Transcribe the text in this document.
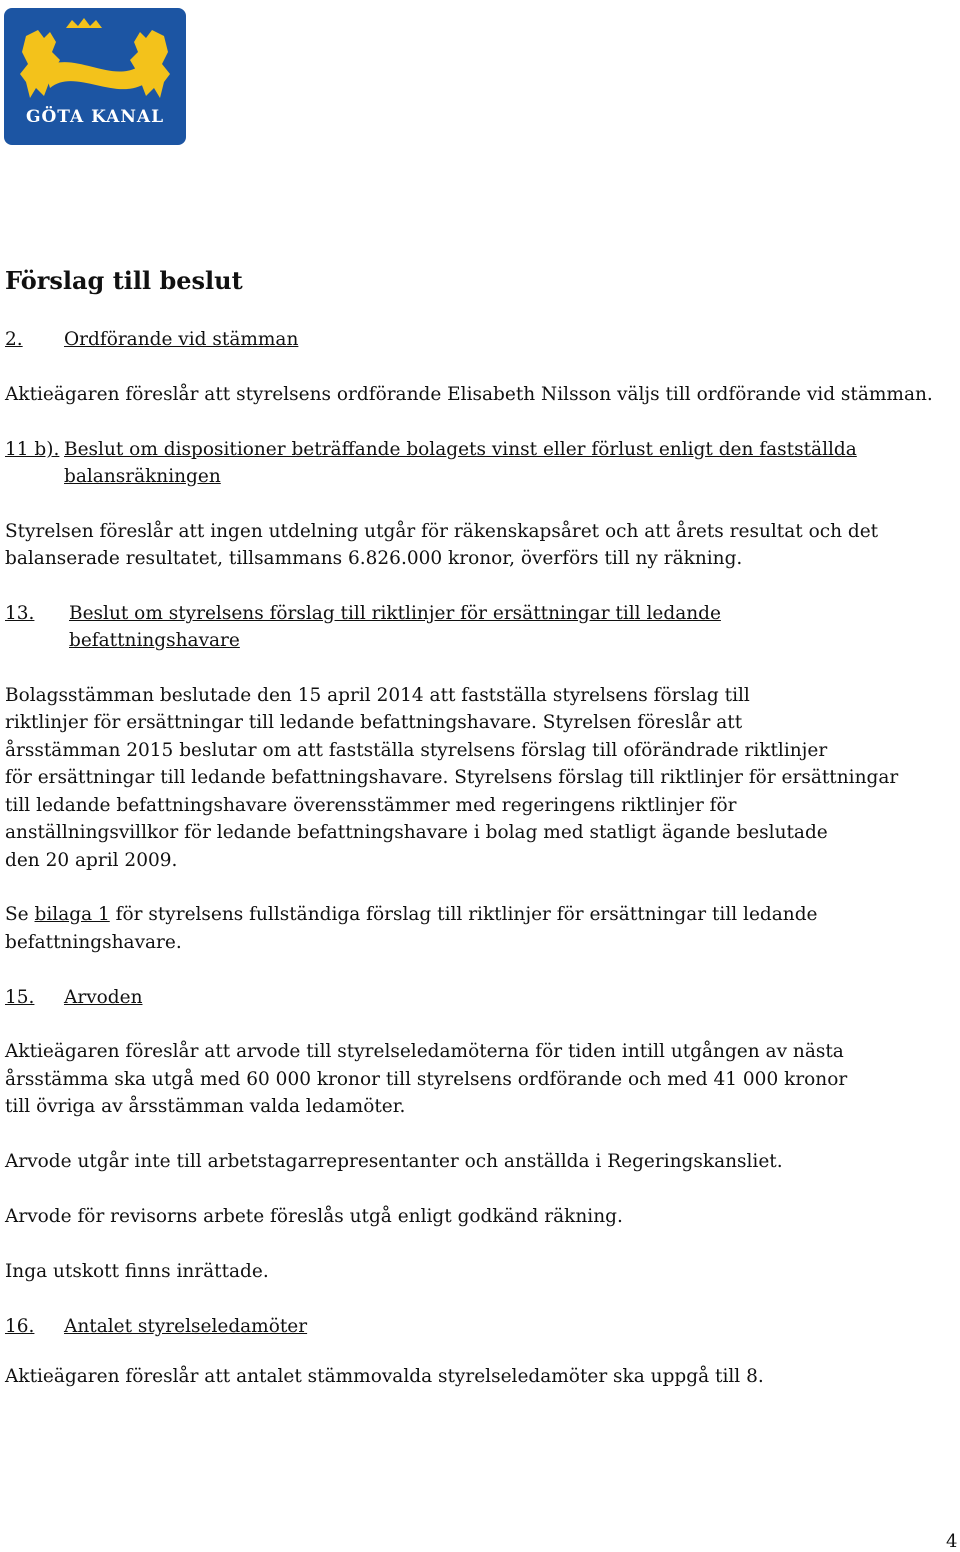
GÖTA KANAL
Förslag till beslut
2. Ordförande vid stämman
Aktieägaren föreslår att styrelsens ordförande Elisabeth Nilsson väljs till ordförande vid stämman.
11 b). Beslut om dispositioner beträffande bolagets vinst eller förlust enligt den fastställda
balansräkningen
Styrelsen föreslår att ingen utdelning utgår för räkenskapsåret och att årets resultat och det
balanserade resultatet, tillsammans 6.826.000 kronor, överförs till ny räkning.
13. Beslut om styrelsens förslag till riktlinjer för ersättningar till ledande
befattningshavare
Bolagsstämman beslutade den 15 april 2014 att fastställa styrelsens förslag till
riktlinjer för ersättningar till ledande befattningshavare. Styrelsen föreslår att
årsstämman 2015 beslutar om att fastställa styrelsens förslag till oförändrade riktlinjer
för ersättningar till ledande befattningshavare. Styrelsens förslag till riktlinjer för ersättningar
till ledande befattningshavare överensstämmer med regeringens riktlinjer för
anställningsvillkor för ledande befattningshavare i bolag med statligt ägande beslutade
den 20 april 2009.
Se bilaga 1 för styrelsens fullständiga förslag till riktlinjer för ersättningar till ledande
befattningshavare.
15. Arvoden
Aktieägaren föreslår att arvode till styrelseledamöterna för tiden intill utgången av nästa
årsstämma ska utgå med 60 000 kronor till styrelsens ordförande och med 41 000 kronor
till övriga av årsstämman valda ledamöter.
Arvode utgår inte till arbetstagarrepresentanter och anställda i Regeringskansliet.
Arvode för revisorns arbete föreslås utgå enligt godkänd räkning.
Inga utskott finns inrättade.
16. Antalet styrelseledamöter
Aktieägaren föreslår att antalet stämmovalda styrelseledamöter ska uppgå till 8.
4
